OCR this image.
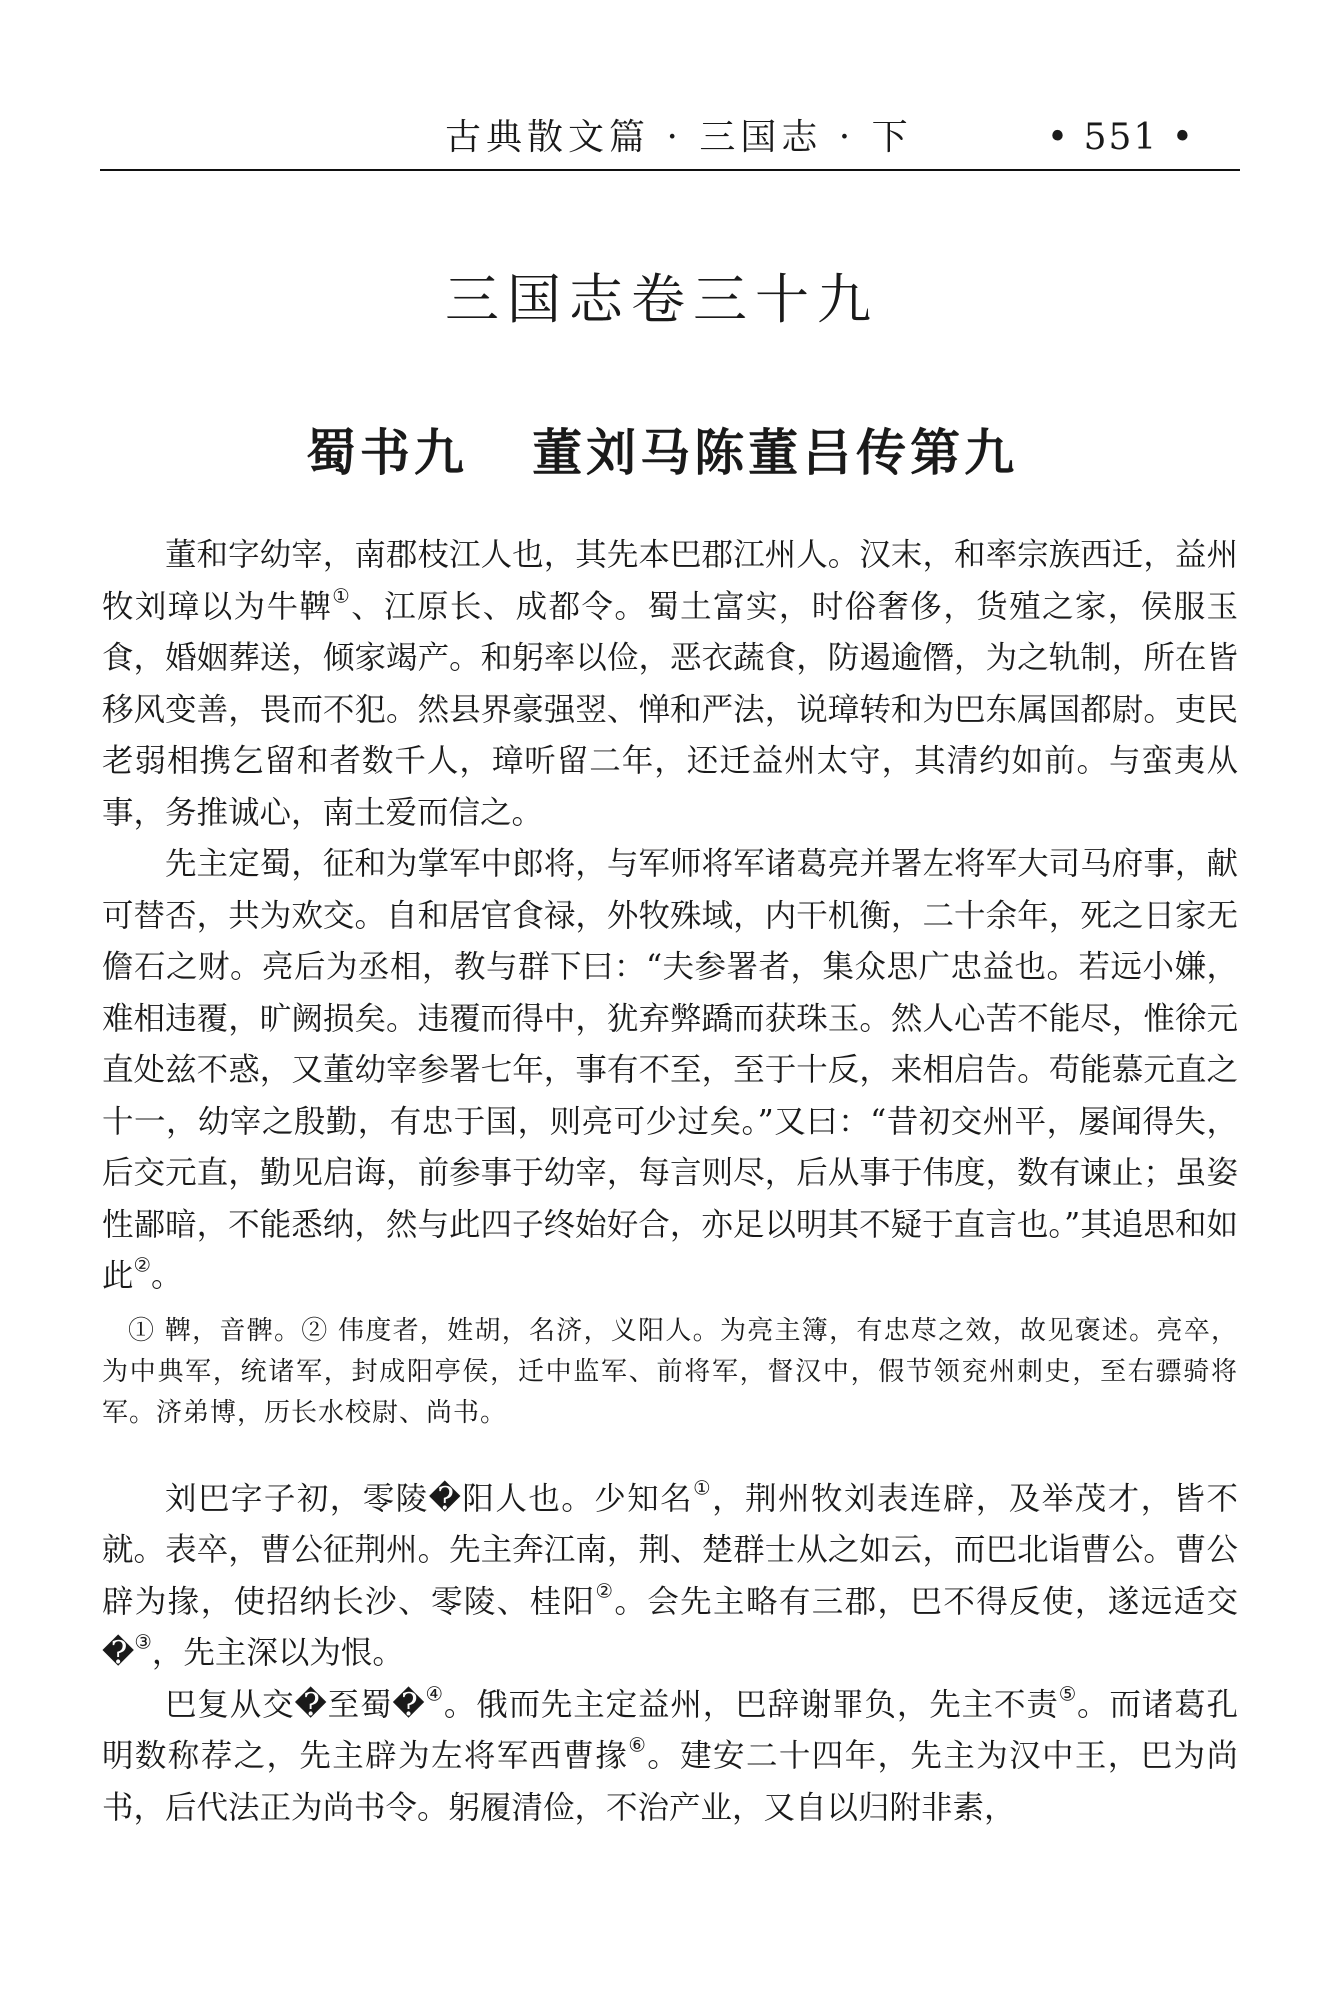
古典散文篇 · 三国志 · 下	• 551 •
三国志卷三十九
蜀书九 董刘马陈董吕传第九

董和字幼宰，南郡枝江人也，其先本巴郡江州人。汉末，和率宗族西迁，益州牧刘璋以为牛鞞①、江原长、成都令。蜀土富实，时俗奢侈，货殖之家，侯服玉食，婚姻葬送，倾家竭产。和躬率以俭，恶衣蔬食，防遏逾僭，为之轨制，所在皆移风变善，畏而不犯。然县界豪强翌、惮和严法，说璋转和为巴东属国都尉。吏民老弱相携乞留和者数千人，璋听留二年，还迁益州太守，其清约如前。与蛮夷从事，务推诚心，南土爱而信之。

先主定蜀，征和为掌军中郎将，与军师将军诸葛亮并署左将军大司马府事，献可替否，共为欢交。自和居官食禄，外牧殊域，内干机衡，二十余年，死之日家无儋石之财。亮后为丞相，教与群下曰：“夫参署者，集众思广忠益也。若远小嫌，难相违覆，旷阙损矣。违覆而得中，犹弃弊蹻而获珠玉。然人心苦不能尽，惟徐元直处兹不惑，又董幼宰参署七年，事有不至，至于十反，来相启告。苟能慕元直之十一，幼宰之殷勤，有忠于国，则亮可少过矣。”又曰：“昔初交州平，屡闻得失，后交元直，勤见启诲，前参事于幼宰，每言则尽，后从事于伟度，数有谏止；虽姿性鄙暗，不能悉纳，然与此四子终始好合，亦足以明其不疑于直言也。”其追思和如此②。

① 鞞，音髀。② 伟度者，姓胡，名济，义阳人。为亮主簿，有忠荩之效，故见褒述。亮卒，为中典军，统诸军，封成阳亭侯，迁中监军、前将军，督汉中，假节领兖州刺史，至右骠骑将军。济弟博，历长水校尉、尚书。

刘巴字子初，零陵�阳人也。少知名①，荆州牧刘表连辟，及举茂才，皆不就。表卒，曹公征荆州。先主奔江南，荆、楚群士从之如云，而巴北诣曹公。曹公辟为掾，使招纳长沙、零陵、桂阳②。会先主略有三郡，巴不得反使，遂远适交�③，先主深以为恨。

巴复从交�至蜀�④。俄而先主定益州，巴辞谢罪负，先主不责⑤。而诸葛孔明数称荐之，先主辟为左将军西曹掾⑥。建安二十四年，先主为汉中王，巴为尚书，后代法正为尚书令。躬履清俭，不治产业，又自以归附非素，
